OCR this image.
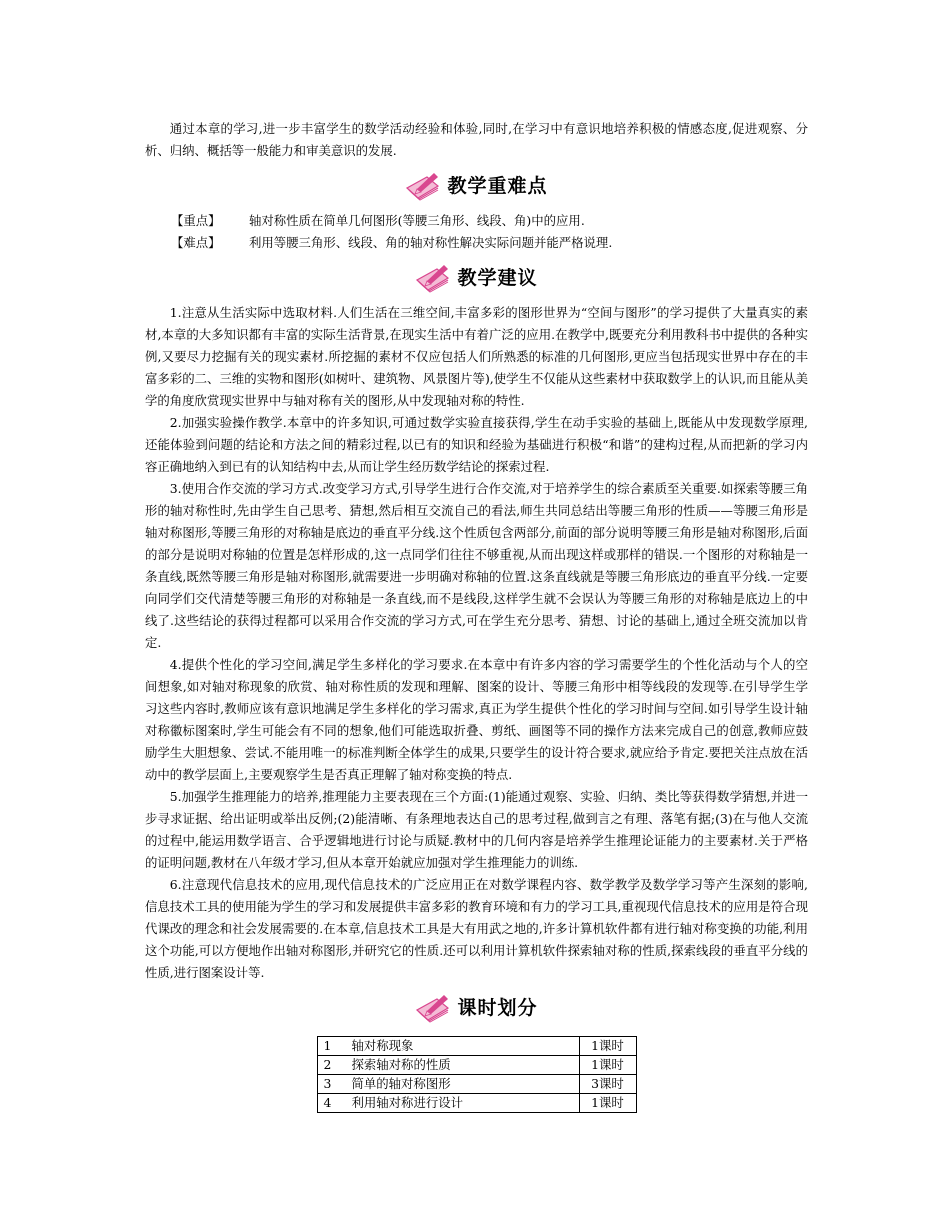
通过本章的学习,进一步丰富学生的数学活动经验和体验,同时,在学习中有意识地培养积极的情感态度,促进观察、分析、归纳、概括等一般能力和审美意识的发展.

教学重难点
【重点】	轴对称性质在简单几何图形(等腰三角形、线段、角)中的应用.
【难点】	利用等腰三角形、线段、角的轴对称性解决实际问题并能严格说理.
教学建议

1.注意从生活实际中选取材料.人们生活在三维空间,丰富多彩的图形世界为“空间与图形”的学习提供了大量真实的素材,本章的大多知识都有丰富的实际生活背景,在现实生活中有着广泛的应用.在教学中,既要充分利用教科书中提供的各种实例,又要尽力挖掘有关的现实素材.所挖掘的素材不仅应包括人们所熟悉的标准的几何图形,更应当包括现实世界中存在的丰富多彩的二、三维的实物和图形(如树叶、建筑物、风景图片等),使学生不仅能从这些素材中获取数学上的认识,而且能从美学的角度欣赏现实世界中与轴对称有关的图形,从中发现轴对称的特性.

2.加强实验操作教学.本章中的许多知识,可通过数学实验直接获得,学生在动手实验的基础上,既能从中发现数学原理,还能体验到问题的结论和方法之间的精彩过程,以已有的知识和经验为基础进行积极“和谐”的建构过程,从而把新的学习内容正确地纳入到已有的认知结构中去,从而让学生经历数学结论的探索过程.

3.使用合作交流的学习方式.改变学习方式,引导学生进行合作交流,对于培养学生的综合素质至关重要.如探索等腰三角形的轴对称性时,先由学生自己思考、猜想,然后相互交流自己的看法,师生共同总结出等腰三角形的性质——等腰三角形是轴对称图形,等腰三角形的对称轴是底边的垂直平分线.这个性质包含两部分,前面的部分说明等腰三角形是轴对称图形,后面的部分是说明对称轴的位置是怎样形成的,这一点同学们往往不够重视,从而出现这样或那样的错误.一个图形的对称轴是一条直线,既然等腰三角形是轴对称图形,就需要进一步明确对称轴的位置.这条直线就是等腰三角形底边的垂直平分线.一定要向同学们交代清楚等腰三角形的对称轴是一条直线,而不是线段,这样学生就不会误认为等腰三角形的对称轴是底边上的中线了.这些结论的获得过程都可以采用合作交流的学习方式,可在学生充分思考、猜想、讨论的基础上,通过全班交流加以肯定.

4.提供个性化的学习空间,满足学生多样化的学习要求.在本章中有许多内容的学习需要学生的个性化活动与个人的空间想象,如对轴对称现象的欣赏、轴对称性质的发现和理解、图案的设计、等腰三角形中相等线段的发现等.在引导学生学习这些内容时,教师应该有意识地满足学生多样化的学习需求,真正为学生提供个性化的学习时间与空间.如引导学生设计轴对称徽标图案时,学生可能会有不同的想象,他们可能选取折叠、剪纸、画图等不同的操作方法来完成自己的创意,教师应鼓励学生大胆想象、尝试.不能用唯一的标准判断全体学生的成果,只要学生的设计符合要求,就应给予肯定.要把关注点放在活动中的教学层面上,主要观察学生是否真正理解了轴对称变换的特点.

5.加强学生推理能力的培养,推理能力主要表现在三个方面:(1)能通过观察、实验、归纳、类比等获得数学猜想,并进一步寻求证据、给出证明或举出反例;(2)能清晰、有条理地表达自己的思考过程,做到言之有理、落笔有据;(3)在与他人交流的过程中,能运用数学语言、合乎逻辑地进行讨论与质疑.教材中的几何内容是培养学生推理论证能力的主要素材.关于严格的证明问题,教材在八年级才学习,但从本章开始就应加强对学生推理能力的训练.

6.注意现代信息技术的应用,现代信息技术的广泛应用正在对数学课程内容、数学教学及数学学习等产生深刻的影响,信息技术工具的使用能为学生的学习和发展提供丰富多彩的教育环境和有力的学习工具,重视现代信息技术的应用是符合现代课改的理念和社会发展需要的.在本章,信息技术工具是大有用武之地的,许多计算机软件都有进行轴对称变换的功能,利用这个功能,可以方便地作出轴对称图形,并研究它的性质.还可以利用计算机软件探索轴对称的性质,探索线段的垂直平分线的性质,进行图案设计等.

课时划分
1	轴对称现象	1课时
2	探索轴对称的性质	1课时
3	简单的轴对称图形	3课时
4	利用轴对称进行设计	1课时
